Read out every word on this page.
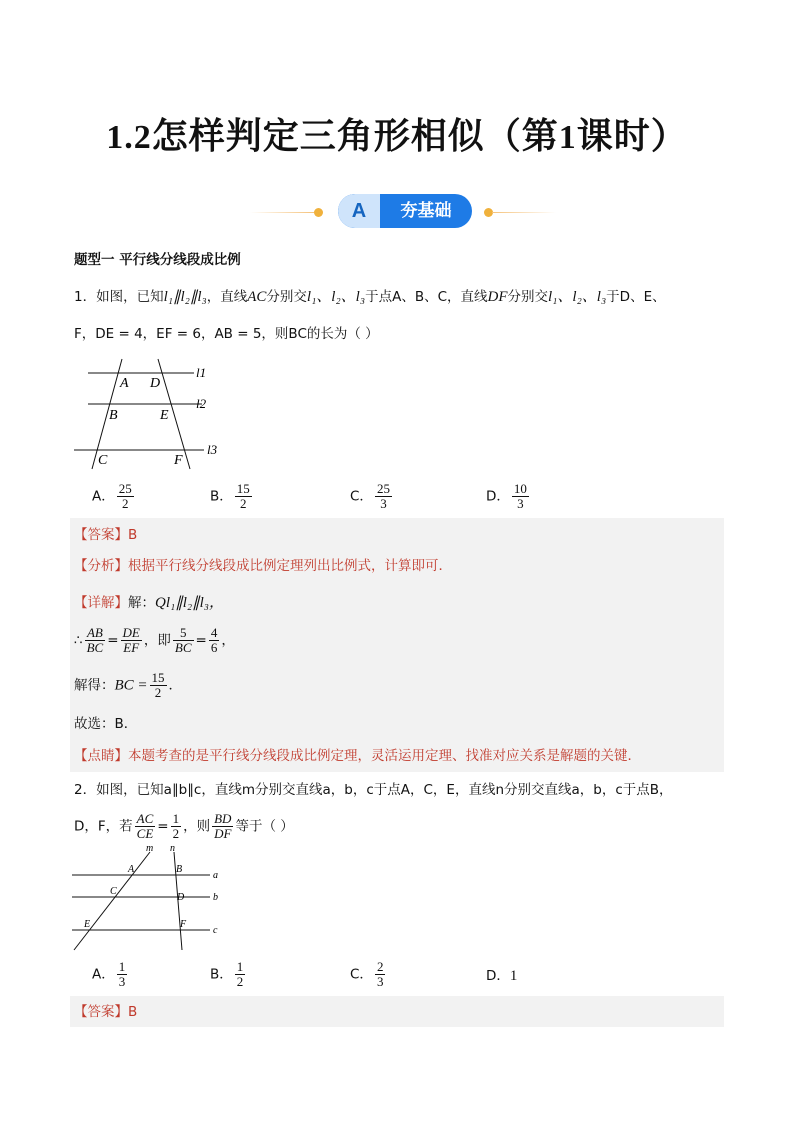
1.2怎样判定三角形相似（第1课时）
A	夯基础
题型一 平行线分线段成比例
1．如图，已知l₁∥l₂∥l₃，直线AC分别交l₁、l₂、l₃于点A、B、C，直线DF分别交l₁、l₂、l₃于D、E、
F，DE = 4，EF = 6，AB = 5，则BC的长为（ ）
A D
B	E
C	F
l1
l2
l3
A． $\frac{25}{2}$	B． $\frac{15}{2}$	C． $\frac{25}{3}$	D． $\frac{10}{3}$
【答案】B
【分析】根据平行线分线段成比例定理列出比例式，计算即可．
【详解】解：Ql₁∥l₂∥l₃，
∴ $\frac{AB}{BC} = \frac{DE}{EF}$ ，即 $\frac{5}{BC} = \frac{4}{6}$ ，
解得：BC = $\frac{15}{2}$ ．
故选：B．
【点睛】本题考查的是平行线分线段成比例定理，灵活运用定理、找准对应关系是解题的关键．
2．如图，已知a∥b∥c，直线m分别交直线a，b，c于点A，C，E，直线n分别交直线a，b，c于点B，
D，F，若 $\frac{AC}{CE} = \frac{1}{2}$ ，则 $\frac{BD}{DF}$ 等于（ ）
m n
A	B
a
C
D	b
E	F
c
A． $\frac{1}{3}$	B． $\frac{1}{2}$	C． $\frac{2}{3}$	D．1
【答案】B
